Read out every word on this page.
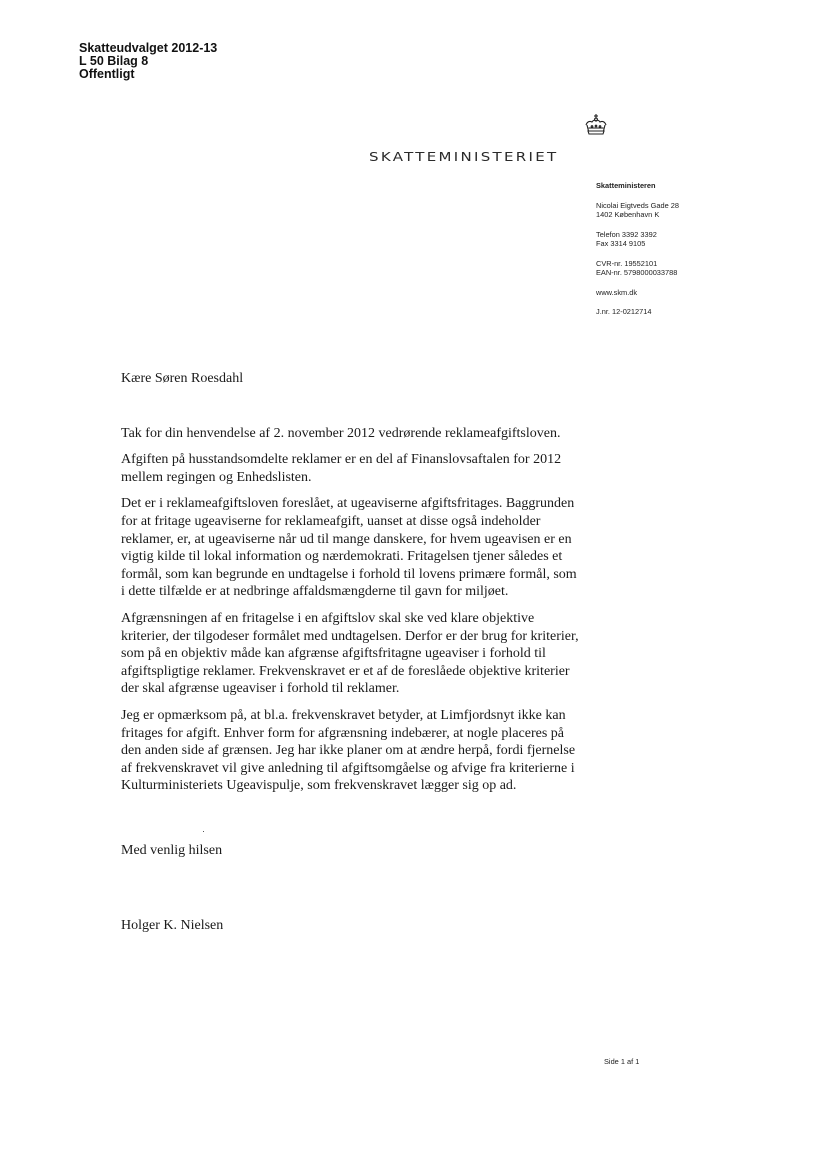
Skatteudvalget 2012-13
L 50 Bilag 8
Offentligt
SKATTEMINISTERIET
Skatteministeren
Nicolai Eigtveds Gade 28
1402 København K
Telefon 3392 3392
Fax 3314 9105
CVR-nr. 19552101
EAN-nr. 5798000033788
www.skm.dk
J.nr. 12-0212714

Kære Søren Roesdahl

Tak for din henvendelse af 2. november 2012 vedrørende reklameafgiftsloven.

Afgiften på husstandsomdelte reklamer er en del af Finanslovsaftalen for 2012 mellem regingen og Enhedslisten.

Det er i reklameafgiftsloven foreslået, at ugeaviserne afgiftsfritages. Baggrunden for at fritage ugeaviserne for reklameafgift, uanset at disse også indeholder reklamer, er, at ugeaviserne når ud til mange danskere, for hvem ugeavisen er en vigtig kilde til lokal information og nærdemokrati. Fritagelsen tjener således et formål, som kan begrunde en undtagelse i forhold til lovens primære formål, som i dette tilfælde er at nedbringe affaldsmængderne til gavn for miljøet.

Afgrænsningen af en fritagelse i en afgiftslov skal ske ved klare objektive kriterier, der tilgodeser formålet med undtagelsen. Derfor er der brug for kriterier, som på en objektiv måde kan afgrænse afgiftsfritagne ugeaviser i forhold til afgiftspligtige reklamer. Frekvenskravet er et af de foreslåede objektive kriterier der skal afgrænse ugeaviser i forhold til reklamer.

Jeg er opmærksom på, at bl.a. frekvenskravet betyder, at Limfjordsnyt ikke kan fritages for afgift. Enhver form for afgrænsning indebærer, at nogle placeres på den anden side af grænsen. Jeg har ikke planer om at ændre herpå, fordi fjernelse af frekvenskravet vil give anledning til afgiftsomgåelse og afvige fra kriterierne i Kulturministeriets Ugeavispulje, som frekvenskravet lægger sig op ad.

Med venlig hilsen
Holger K. Nielsen
Side 1 af 1
